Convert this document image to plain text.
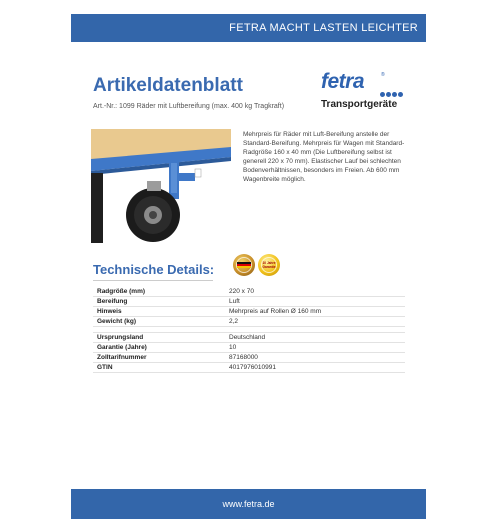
FETRA MACHT LASTEN LEICHTER
Artikeldatenblatt
Art.-Nr.: 1099 Räder mit Luftbereifung (max. 400 kg Tragkraft)
fetra	®
Transportgeräte
Mehrpreis für Räder mit Luft-Bereifung anstelle der Standard-Bereifung. Mehrpreis für Wagen mit Standard-Radgröße 160 x 40 mm (Die Luftbereifung selbst ist generell 220 x 70 mm). Elastischer Lauf bei schlechten Bodenverhältnissen, besonders im Freien. Ab 600 mm Wagenbreite möglich.
Technische Details:	10 Jahre Garantie
Radgröße (mm)	220 x 70
Bereifung	Luft
Hinweis	Mehrpreis auf Rollen Ø 160 mm
Gewicht (kg)	2,2

Ursprungsland	Deutschland
Garantie (Jahre)	10
Zolltarifnummer	87168000
GTIN	4017976010991
www.fetra.de
